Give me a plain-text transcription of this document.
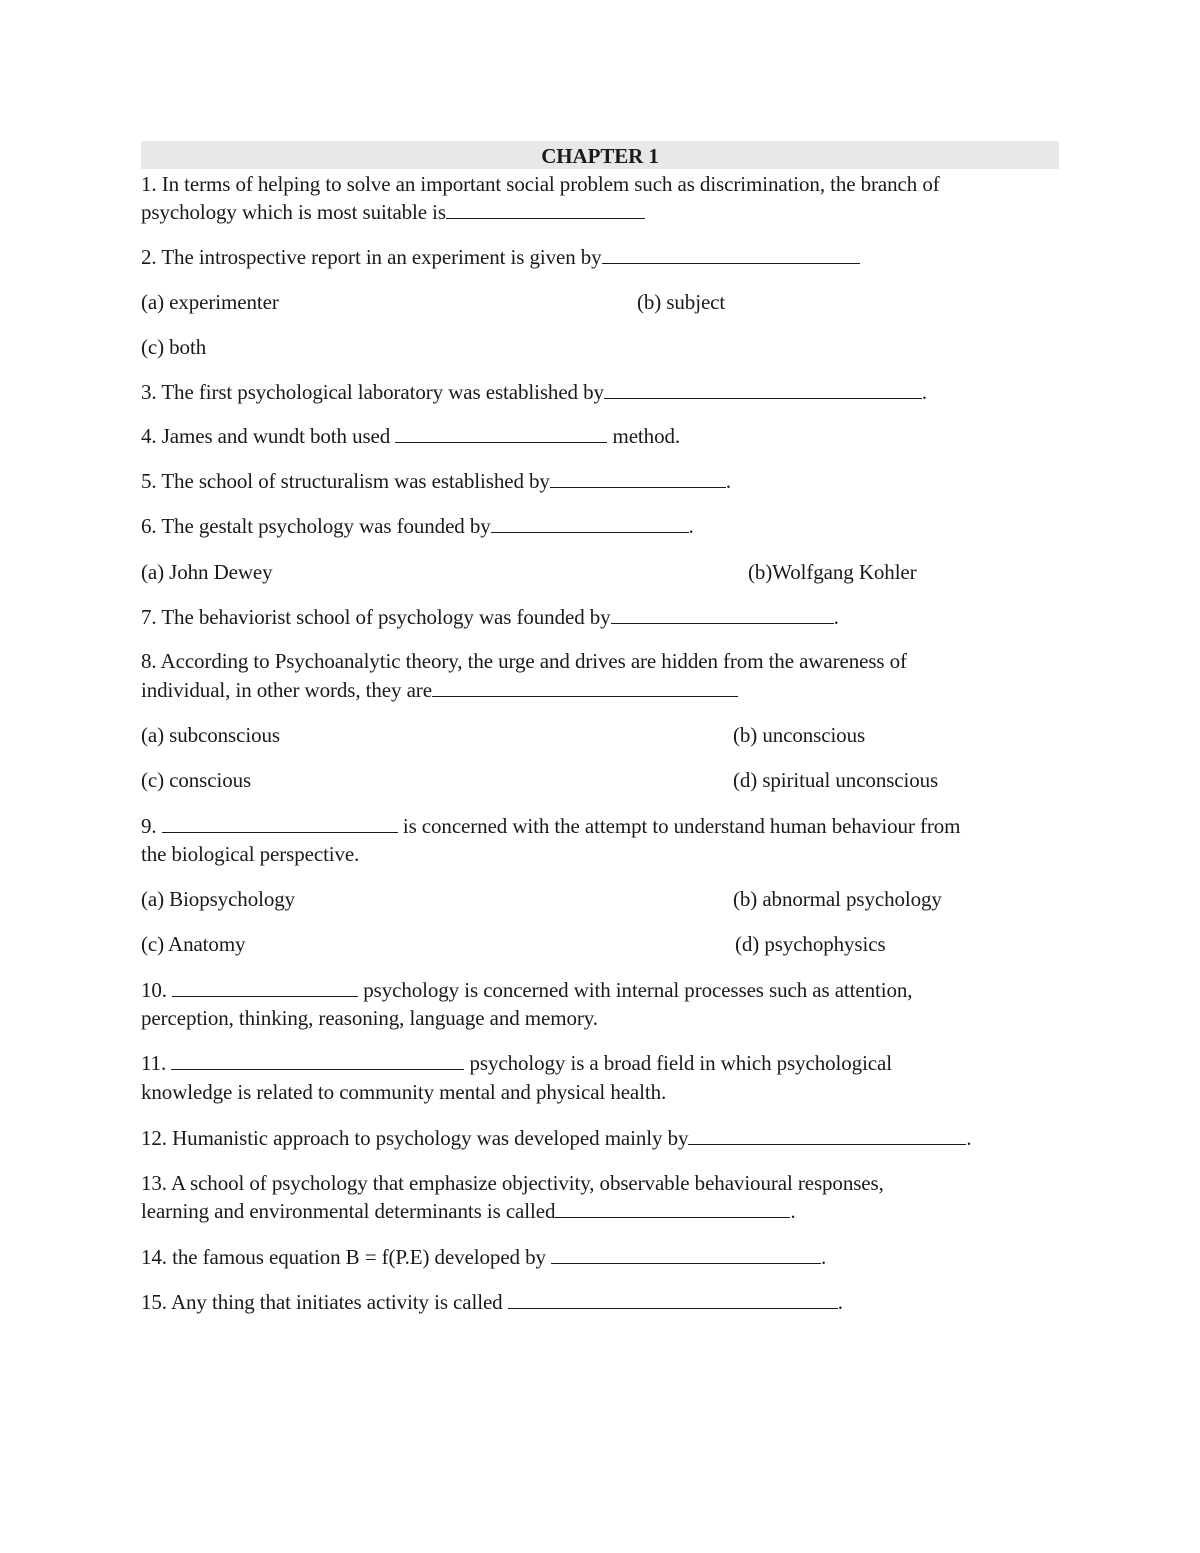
CHAPTER 1
1. In terms of helping to solve an important social problem such as discrimination, the branch of
psychology which is most suitable is
2. The introspective report in an experiment is given by
(a) experimenter	(b) subject
(c) both
3. The first psychological laboratory was established by	.
4. James and wundt both used	method.
5. The school of structuralism was established by	.
6. The gestalt psychology was founded by	.
(a) John Dewey	(b)Wolfgang Kohler
7. The behaviorist school of psychology was founded by	.
8. According to Psychoanalytic theory, the urge and drives are hidden from the awareness of
individual, in other words, they are
(a) subconscious	(b) unconscious
(c) conscious	(d) spiritual unconscious
9.	is concerned with the attempt to understand human behaviour from
the biological perspective.
(a) Biopsychology	(b) abnormal psychology
(c) Anatomy	(d) psychophysics
10.	psychology is concerned with internal processes such as attention,
perception, thinking, reasoning, language and memory.
11.	psychology is a broad field in which psychological
knowledge is related to community mental and physical health.
12. Humanistic approach to psychology was developed mainly by	.
13. A school of psychology that emphasize objectivity, observable behavioural responses,
learning and environmental determinants is called	.
14. the famous equation B = f(P.E) developed by	.
15. Any thing that initiates activity is called	.
